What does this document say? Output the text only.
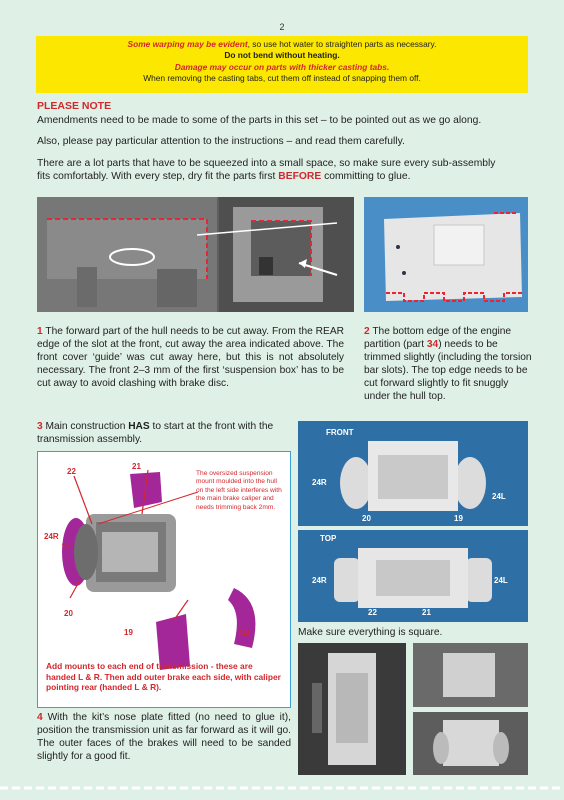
2
Some warping may be evident, so use hot water to straighten parts as necessary.
Do not bend without heating.
Damage may occur on parts with thicker casting tabs.
When removing the casting tabs, cut them off instead of snapping them off.
PLEASE NOTE
Amendments need to be made to some of the parts in this set – to be pointed out as we go along.
Also, please pay particular attention to the instructions – and read them carefully.
There are a lot parts that have to be squeezed into a small space, so make sure every sub-assembly
fits comfortably. With every step, dry fit the parts first BEFORE committing to glue.
1 The forward part of the hull needs to be cut away. From the REAR edge of the slot at the front, cut away the area indicated above. The front cover ‘guide’ was cut away here, but this is not absolutely necessary. The front 2–3 mm of the first ‘suspension box’ has to be cut away to avoid clashing with brake disc.
2 The bottom edge of the engine partition (part 34) needs to be trimmed slightly (including the torsion bar slots). The top edge needs to be cut forward slightly to fit snuggly under the hull top.
3 Main construction HAS to start at the front with the transmission assembly.
The oversized suspension mount moulded into the hull on the left side interferes with the main brake caliper and needs trimming back 2mm.
22
21
24R
20
19	24L
Add mounts to each end of transmission - these are handed L & R. Then add outer brake each side, with caliper pointing rear (handed L & R).
FRONT
24R
24L
20	19
TOP
24R	24L
22	21
Make sure everything is square.
4 With the kit’s nose plate fitted (no need to glue it), position the transmission unit as far forward as it will go. The outer faces of the brakes will need to be sanded slightly for a good fit.
